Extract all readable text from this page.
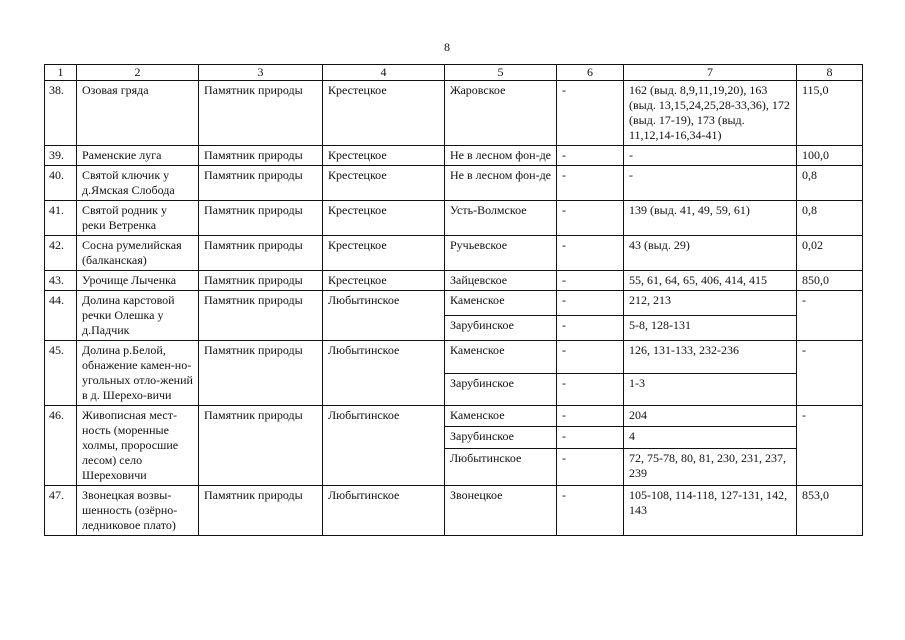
8
1	2	3	4	5	6	7	8
38.	Озовая гряда	Памятник природы	Крестецкое	Жаровское	-	162 (выд. 8,9,11,19,20), 163 (выд. 13,15,24,25,28-33,36), 172 (выд. 17-19), 173 (выд. 11,12,14-16,34-41)	115,0
39.	Раменские луга	Памятник природы	Крестецкое	Не в лесном фон-де	-	-	100,0
40.	Святой ключик у д.Ямская Слобода	Памятник природы	Крестецкое	Не в лесном фон-де	-	-	0,8
41.	Святой родник у реки Ветренка	Памятник природы	Крестецкое	Усть-Волмское	-	139 (выд. 41, 49, 59, 61)	0,8
42.	Сосна румелийская (балканская)	Памятник природы	Крестецкое	Ручьевское	-	43 (выд. 29)	0,02
43.	Урочище Лыченка	Памятник природы	Крестецкое	Зайцевское	-	55, 61, 64, 65, 406, 414, 415	850,0
44.	Долина карстовой речки Олешка у д.Падчик	Памятник природы	Любытинское	Каменское	-	212, 213	-
				Зарубинское	-	5-8, 128-131	
45.	Долина р.Белой, обнажение камен-но-угольных отло-жений в д. Шерехо-вичи	Памятник природы	Любытинское	Каменское	-	126, 131-133, 232-236	-
				Зарубинское	-	1-3	
46.	Живописная мест-ность (моренные холмы, проросшие лесом) село Шереховичи	Памятник природы	Любытинское	Каменское	-	204	-
				Зарубинское	-	4	
				Любытинское	-	72, 75-78, 80, 81, 230, 231, 237, 239	
47.	Звонецкая возвы-шенность (озёрно-ледниковое плато)	Памятник природы	Любытинское	Звонецкое	-	105-108, 114-118, 127-131, 142, 143	853,0
